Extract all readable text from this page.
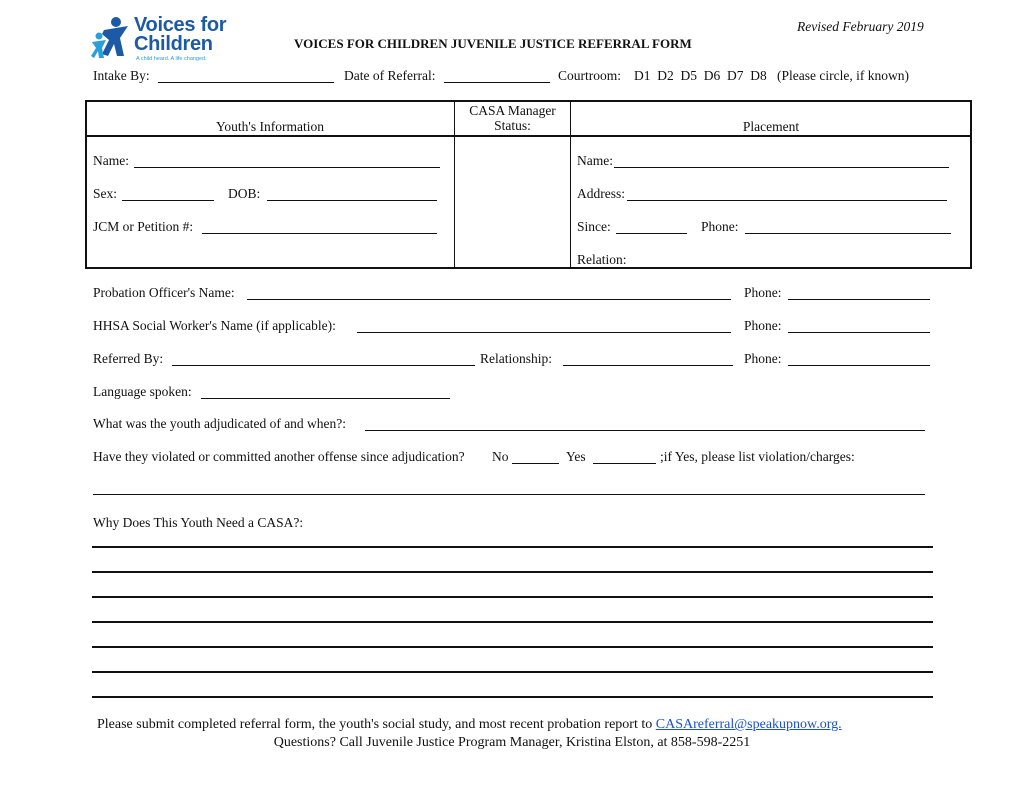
Voices for
Children
A child heard. A life changed.
Revised February 2019
VOICES FOR CHILDREN JUVENILE JUSTICE REFERRAL FORM
Intake By:	Date of Referral:	Courtroom: D1  D2  D5  D6  D7  D8 (Please circle, if known)
Youth's Information
CASA Manager
Status:	Placement
Name:
Sex:	DOB:
JCM or Petition #:
Name:
Address:
Since:	Phone:
Relation:
Probation Officer's Name:	Phone:
HHSA Social Worker's Name (if applicable):	Phone:
Referred By:	Relationship:	Phone:
Language spoken:
What was the youth adjudicated of and when?:
Have they violated or committed another offense since adjudication? No	Yes	;if Yes, please list violation/charges:
Why Does This Youth Need a CASA?:
Please submit completed referral form, the youth's social study, and most recent probation report to CASAreferral@speakupnow.org.
Questions? Call Juvenile Justice Program Manager, Kristina Elston, at 858-598-2251
